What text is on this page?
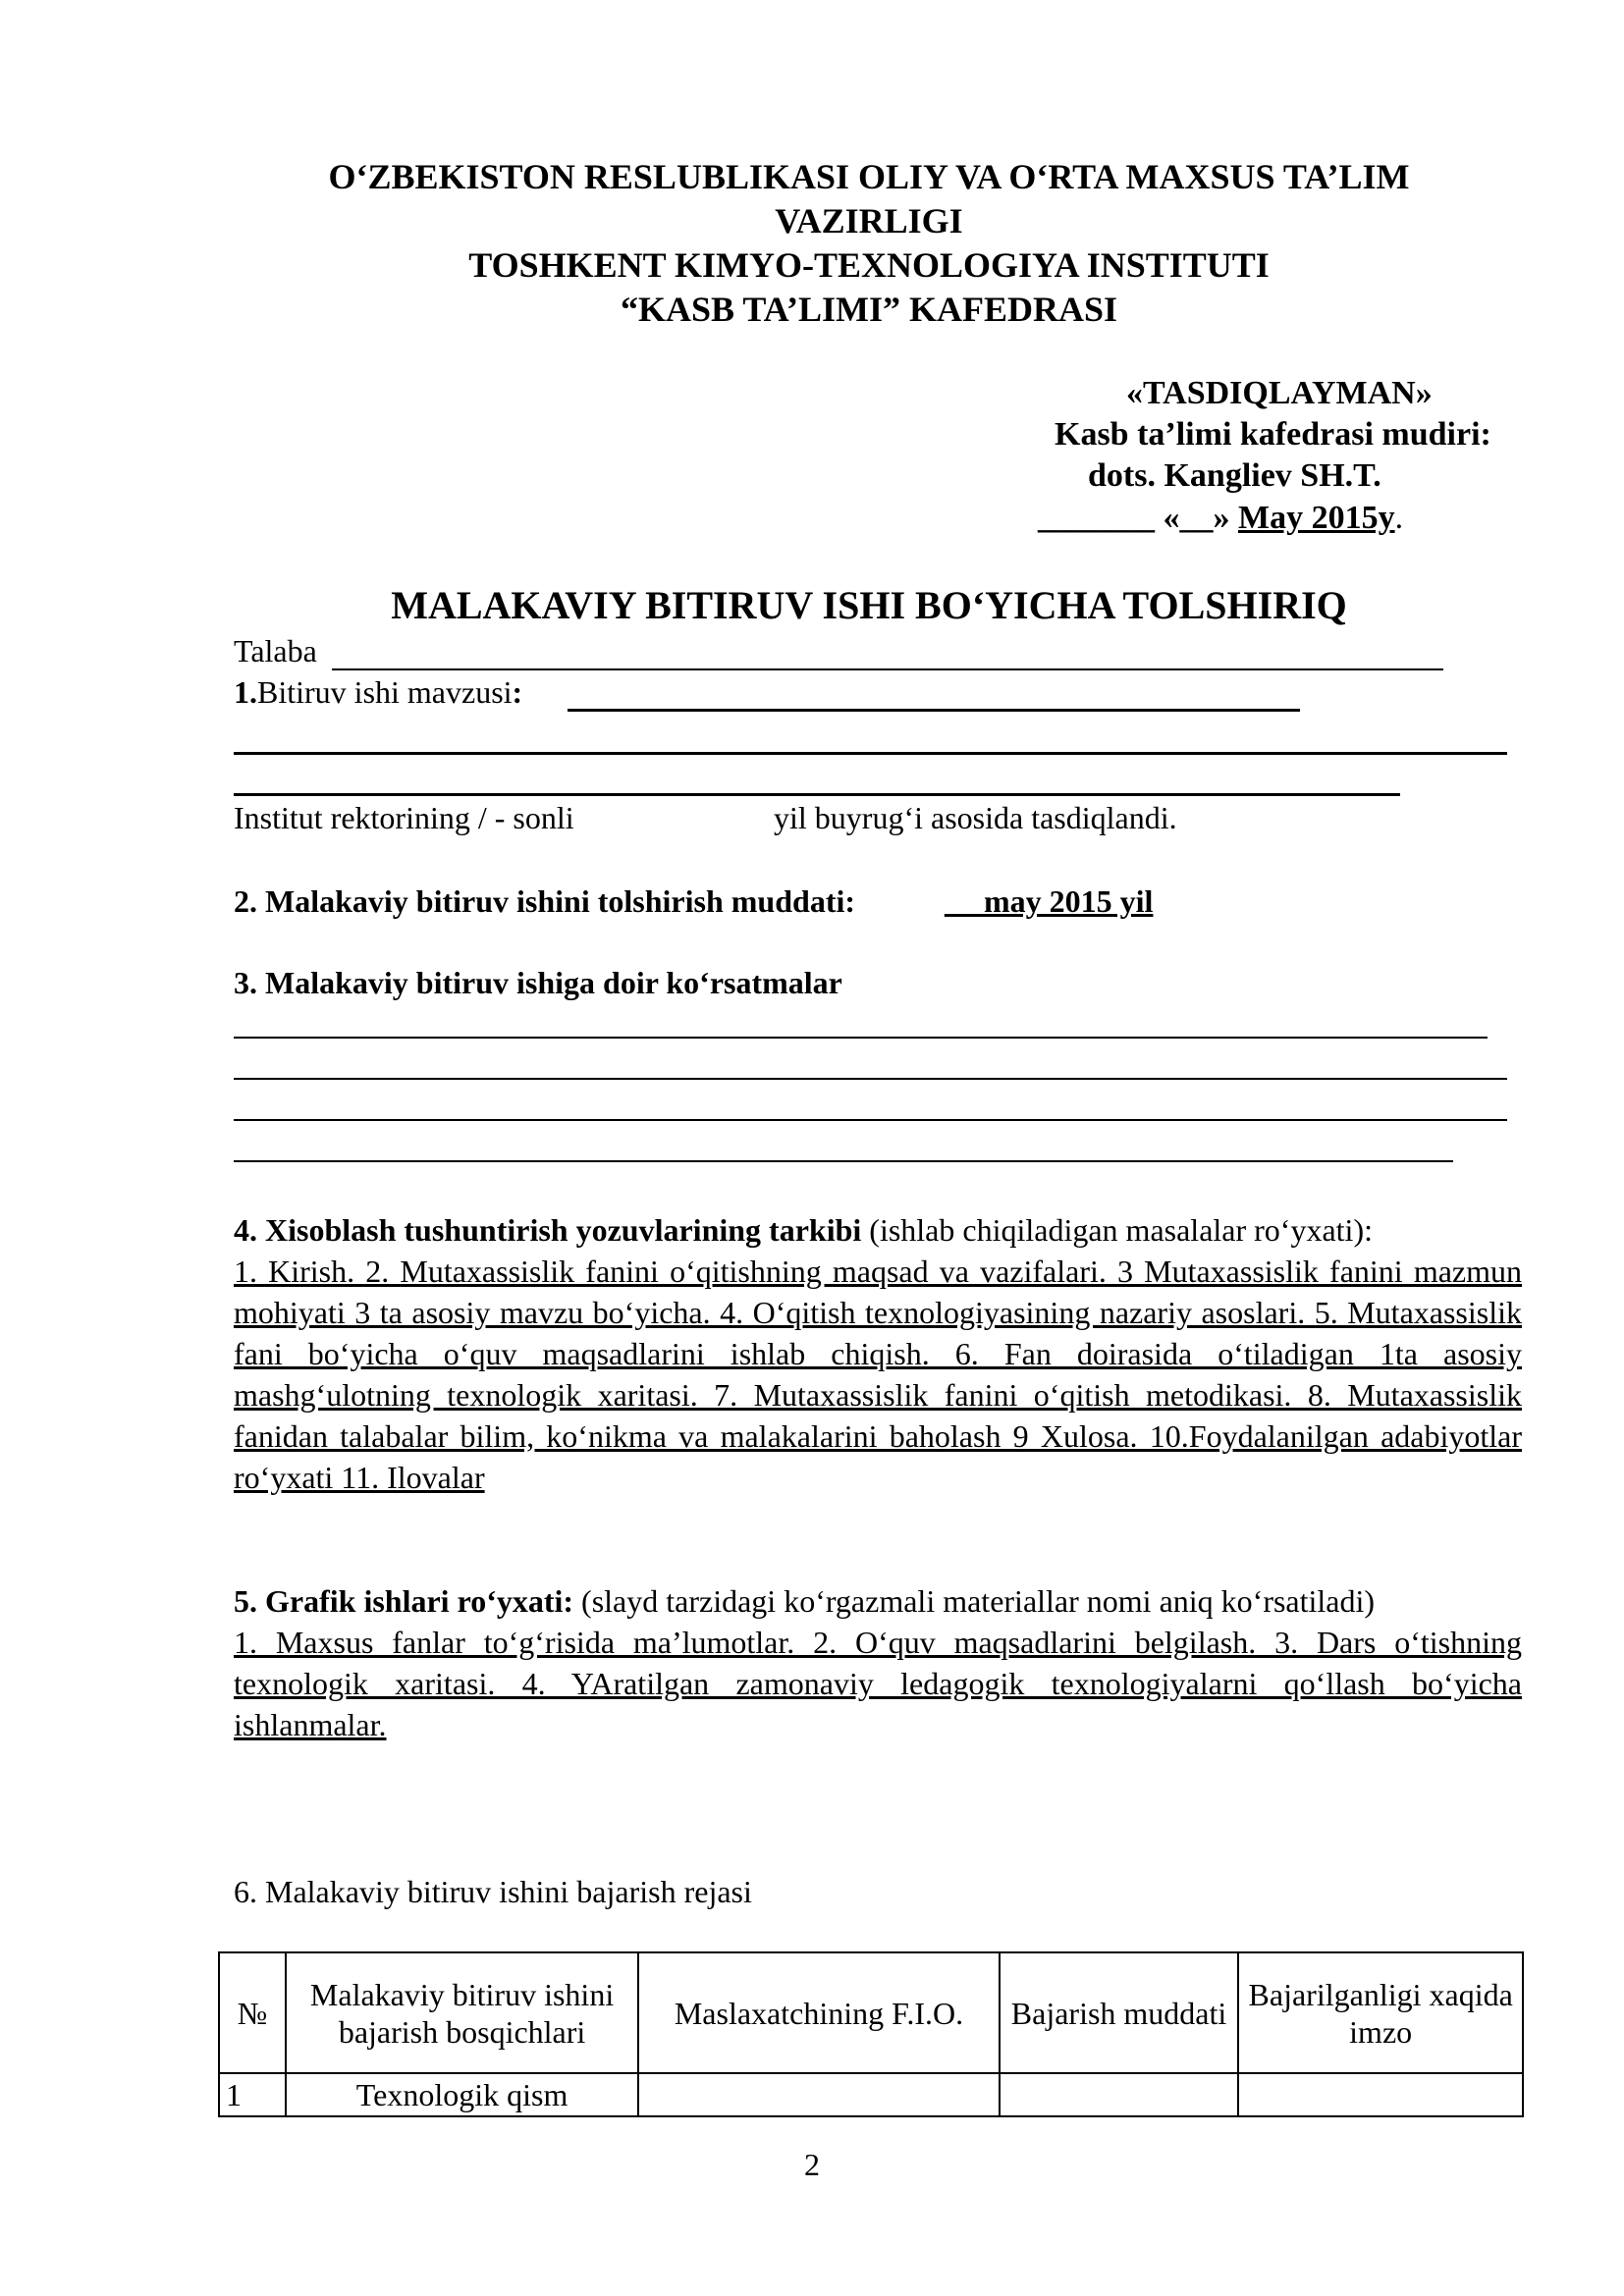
O‘ZBEKISTON RESLUBLIKASI OLIY VA O‘RTA MAXSUS TA’LIM
VAZIRLIGI
TOSHKENT KIMYO-TEXNOLOGIYA INSTITUTI
“KASB TA’LIMI” KAFEDRASI
«TASDIQLAYMAN»
Kasb ta’limi kafedrasi mudiri:
dots. Kangliev SH.T.
_______ «__» May 2015y.
MALAKAVIY BITIRUV ISHI BO‘YICHA TOLSHIRIQ
Talaba
1.Bitiruv ishi mavzusi:
Institut rektorining / - sonli	yil buyrug‘i asosida tasdiqlandi.
2. Malakaviy bitiruv ishini tolshirish muddati:	__ may 2015 yil
3. Malakaviy bitiruv ishiga doir ko‘rsatmalar
4. Xisoblash tushuntirish yozuvlarining tarkibi (ishlab chiqiladigan masalalar ro‘yxati):
1. Kirish. 2. Mutaxassislik fanini o‘qitishning maqsad va vazifalari. 3 Mutaxassislik fanini mazmun mohiyati 3 ta asosiy mavzu bo‘yicha. 4. O‘qitish texnologiyasining nazariy asoslari. 5. Mutaxassislik fani bo‘yicha o‘quv maqsadlarini ishlab chiqish. 6. Fan doirasida o‘tiladigan 1ta asosiy mashg‘ulotning texnologik xaritasi. 7. Mutaxassislik fanini o‘qitish metodikasi. 8. Mutaxassislik fanidan talabalar bilim, ko‘nikma va malakalarini baholash 9 Xulosa. 10.Foydalanilgan adabiyotlar ro‘yxati 11. Ilovalar
5. Grafik ishlari ro‘yxati: (slayd tarzidagi ko‘rgazmali materiallar nomi aniq ko‘rsatiladi)
1. Maxsus fanlar to‘g‘risida ma’lumotlar. 2. O‘quv maqsadlarini belgilash. 3. Dars o‘tishning texnologik xaritasi. 4. YAratilgan zamonaviy ledagogik texnologiyalarni qo‘llash bo‘yicha ishlanmalar.
6. Malakaviy bitiruv ishini bajarish rejasi
№	Malakaviy bitiruv ishini bajarish bosqichlari	Maslaxatchining F.I.O.	Bajarish muddati	Bajarilganligi xaqida imzo
1	Texnologik qism			
2
